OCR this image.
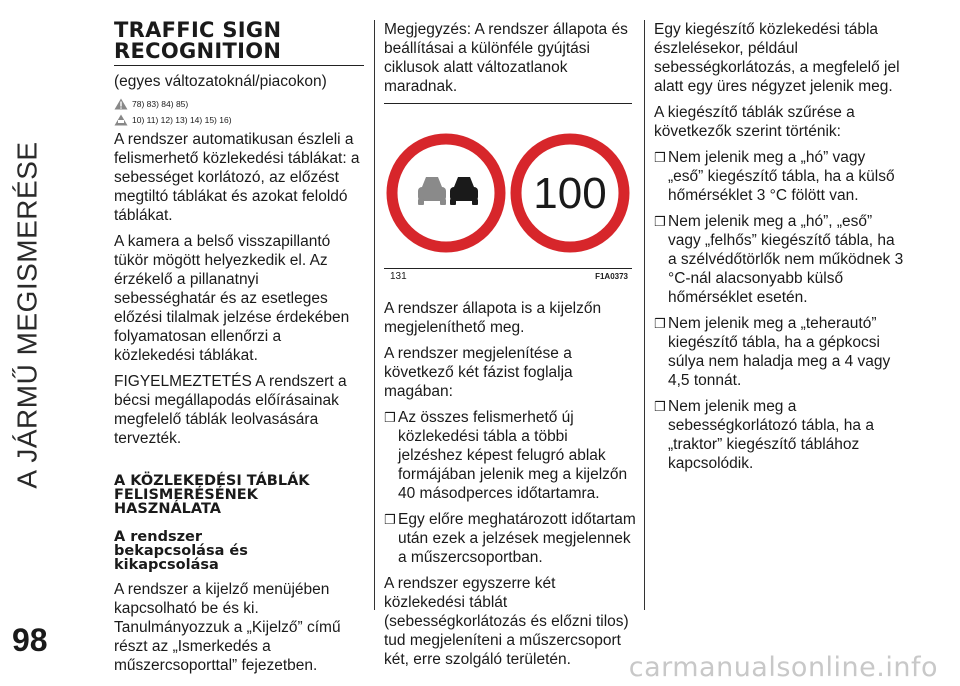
A JÁRMŰ MEGISMERÉSE
98
TRAFFIC SIGN
RECOGNITION

(egyes változatoknál/piacokon)

78) 83) 84) 85)
10) 11) 12) 13) 14) 15) 16)

A rendszer automatikusan észleli a felismerhető közlekedési táblákat: a sebességet korlátozó, az előzést megtiltó táblákat és azokat feloldó táblákat.

A kamera a belső visszapillantó tükör mögött helyezkedik el. Az érzékelő a pillanatnyi sebességhatár és az esetleges előzési tilalmak jelzése érdekében folyamatosan ellenőrzi a közlekedési táblákat.

FIGYELMEZTETÉS A rendszert a bécsi megállapodás előírásainak megfelelő táblák leolvasására tervezték.

A KÖZLEKEDÉSI TÁBLÁK
FELISMERÉSÉNEK
HASZNÁLATA
A rendszer
bekapcsolása és
kikapcsolása

A rendszer a kijelző menüjében kapcsolható be és ki. Tanulmányozzuk a „Kijelző” című részt az „Ismerkedés a műszercsoporttal” fejezetben.

Megjegyzés: A rendszer állapota és beállításai a különféle gyújtási ciklusok alatt változatlanok maradnak.

100
131	F1A0373

A rendszer állapota is a kijelzőn megjeleníthető meg.

A rendszer megjelenítése a következő két fázist foglalja magában:

❒ Az összes felismerhető új közlekedési tábla a többi jelzéshez képest felugró ablak formájában jelenik meg a kijelzőn 40 másodperces időtartamra.
❒ Egy előre meghatározott időtartam után ezek a jelzések megjelennek a műszercsoportban.

A rendszer egyszerre két közlekedési táblát (sebességkorlátozás és előzni tilos) tud megjeleníteni a műszercsoport két, erre szolgáló területén.

Egy kiegészítő közlekedési tábla észlelésekor, például sebességkorlátozás, a megfelelő jel alatt egy üres négyzet jelenik meg.

A kiegészítő táblák szűrése a következők szerint történik:

❒ Nem jelenik meg a „hó” vagy „eső” kiegészítő tábla, ha a külső hőmérséklet 3 °C fölött van.
❒ Nem jelenik meg a „hó”, „eső” vagy „felhős” kiegészítő tábla, ha a szélvédőtörlők nem működnek 3 °C-nál alacsonyabb külső hőmérséklet esetén.
❒ Nem jelenik meg a „teherautó” kiegészítő tábla, ha a gépkocsi súlya nem haladja meg a 4 vagy 4,5 tonnát.
❒ Nem jelenik meg a sebességkorlátozó tábla, ha a „traktor” kiegészítő táblához kapcsolódik.
carmanualsonline.info
